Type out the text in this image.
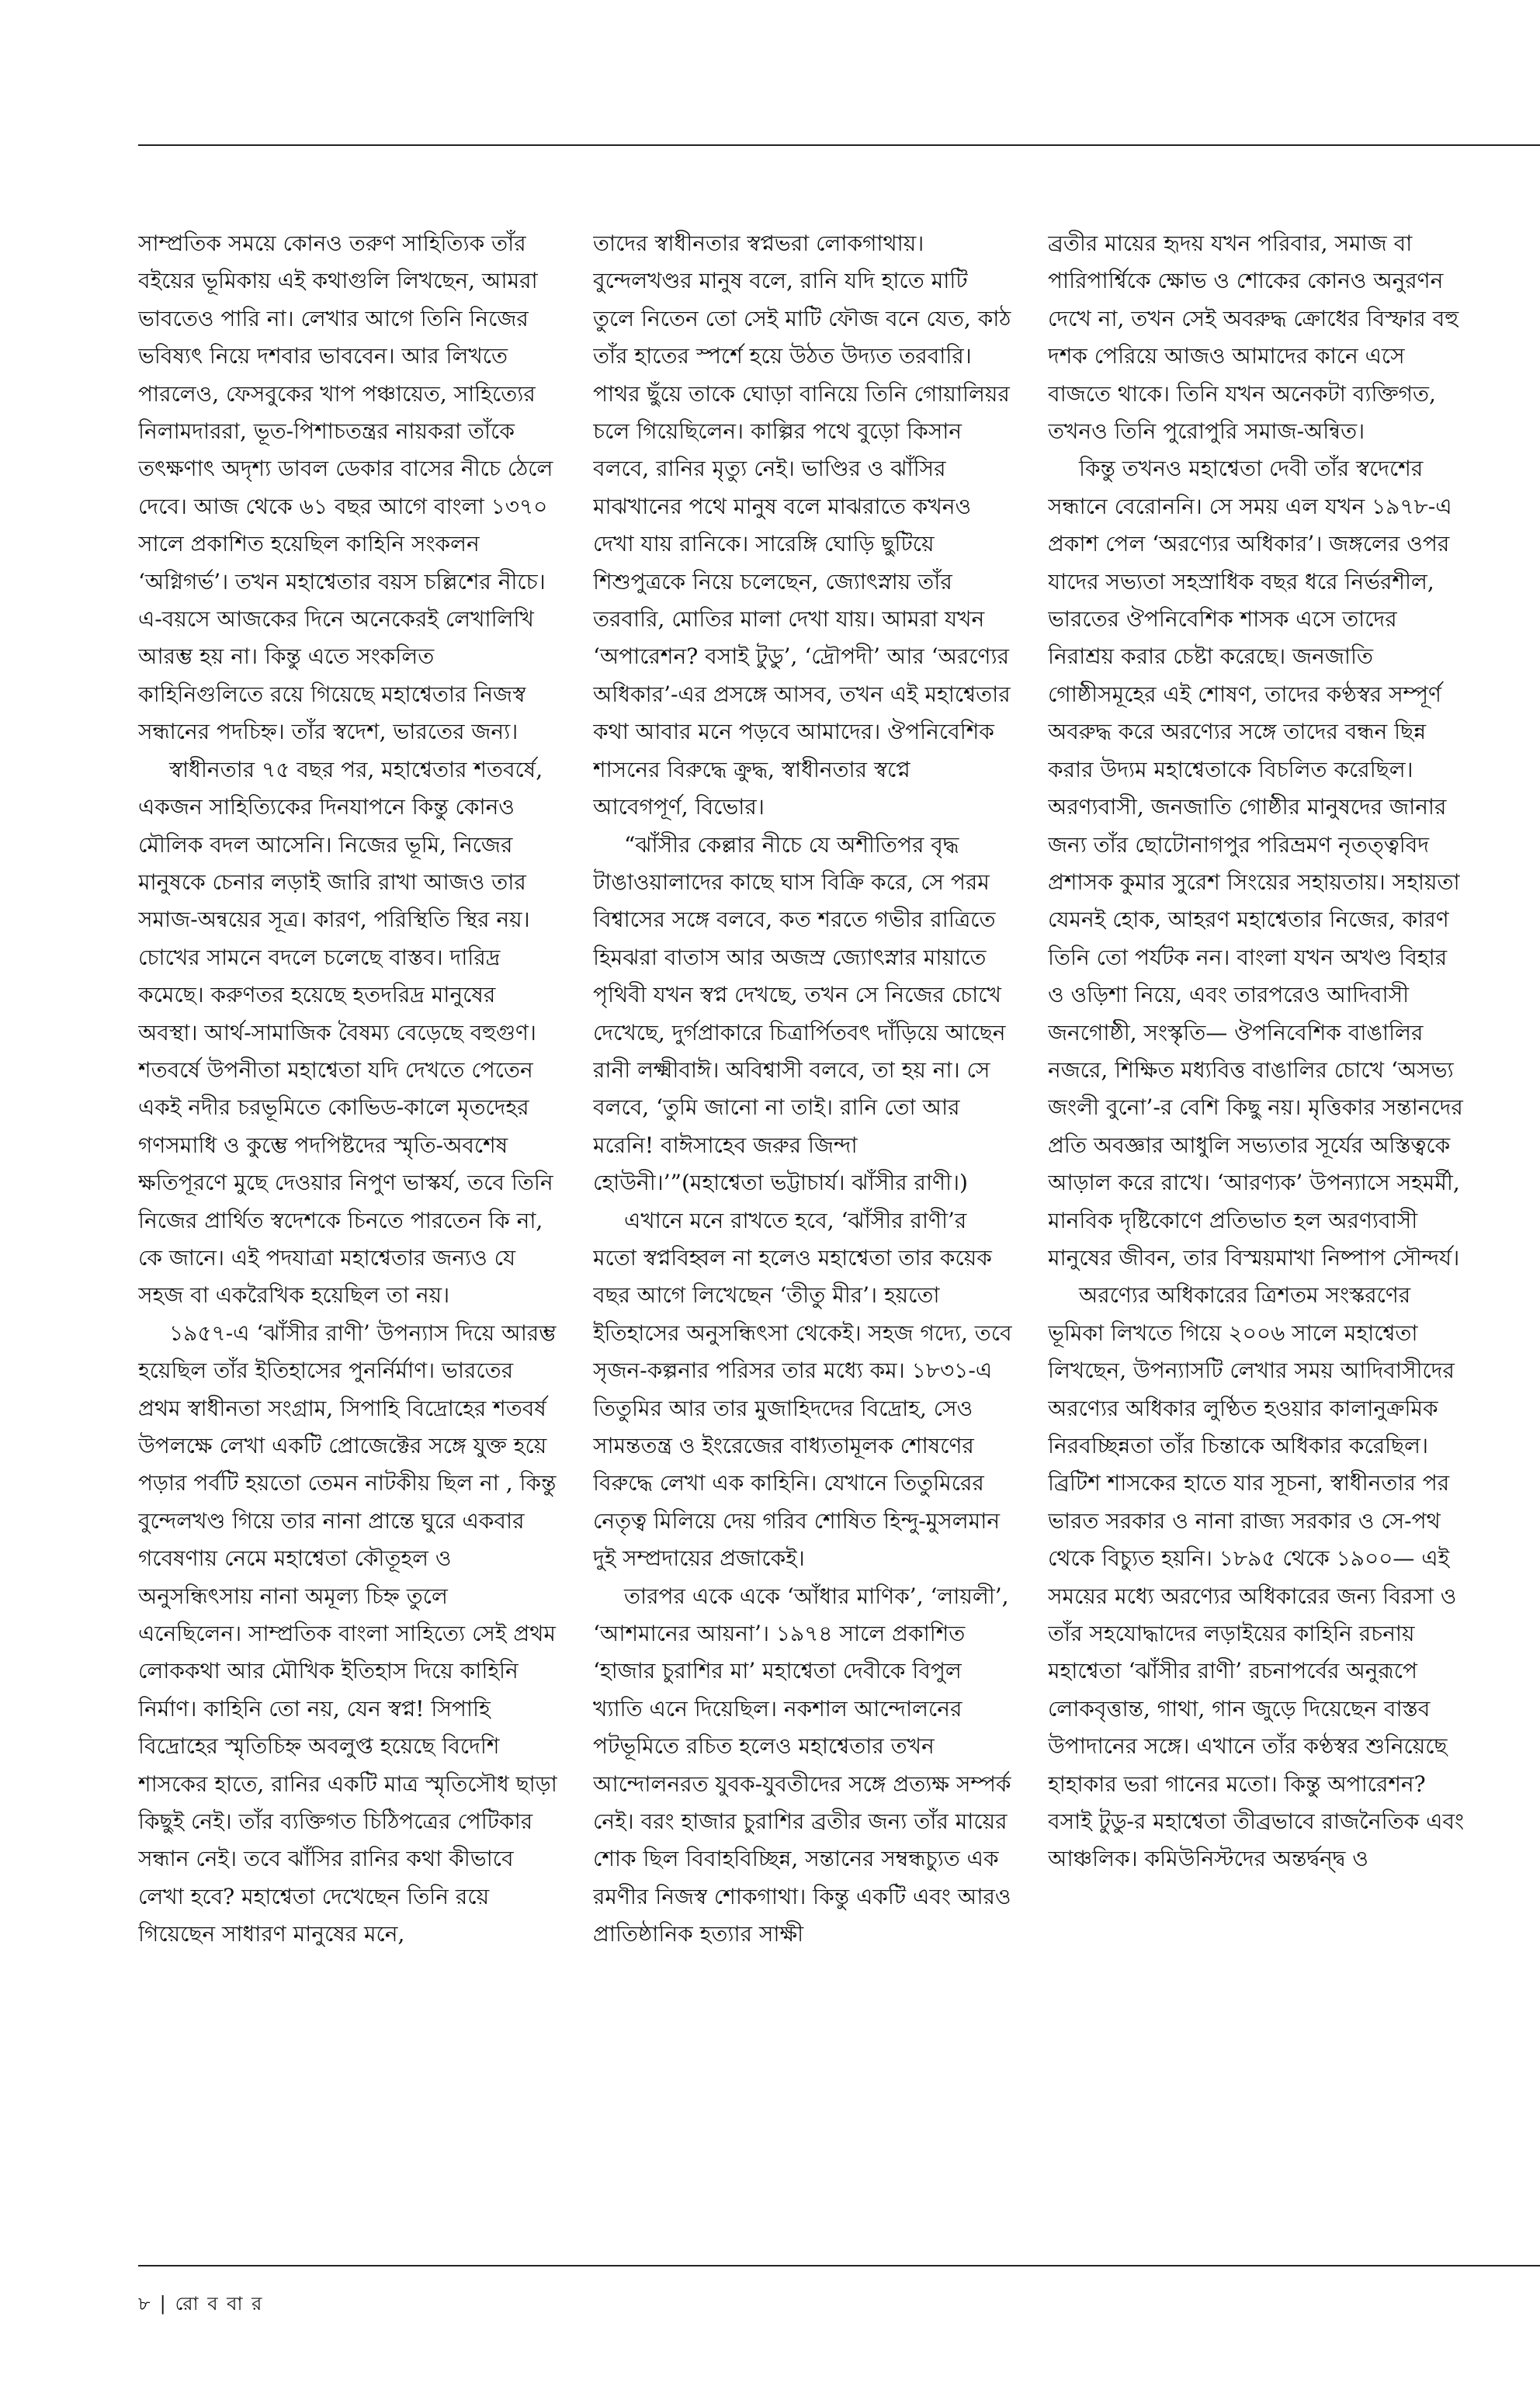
সাম্প্রতিক সময়ে কোনও তরুণ সাহিত্যিক তাঁর বইয়ের ভূমিকায় এই কথাগুলি লিখছেন, আমরা ভাবতেও পারি না। লেখার আগে তিনি নিজের ভবিষ্যৎ নিয়ে দশবার ভাববেন। আর লিখতে পারলেও, ফেসবুকের খাপ পঞ্চায়েত, সাহিত্যের নিলামদাররা, ভূত-পিশাচতন্ত্রর নায়করা তাঁকে তৎক্ষণাৎ অদৃশ্য ডাবল ডেকার বাসের নীচে ঠেলে দেবে। আজ থেকে ৬১ বছর আগে বাংলা ১৩৭০ সালে প্রকাশিত হয়েছিল কাহিনি সংকলন ‘অগ্নিগর্ভ’। তখন মহাশ্বেতার বয়স চল্লিশের নীচে। এ-বয়সে আজকের দিনে অনেকেরই লেখালিখি আরম্ভ হয় না। কিন্তু এতে সংকলিত কাহিনিগুলিতে রয়ে গিয়েছে মহাশ্বেতার নিজস্ব সন্ধানের পদচিহ্ন। তাঁর স্বদেশ, ভারতের জন্য।

স্বাধীনতার ৭৫ বছর পর, মহাশ্বেতার শতবর্ষে, একজন সাহিত্যিকের দিনযাপনে কিন্তু কোনও মৌলিক বদল আসেনি। নিজের ভূমি, নিজের মানুষকে চেনার লড়াই জারি রাখা আজও তার সমাজ-অন্বয়ের সূত্র। কারণ, পরিস্থিতি স্থির নয়। চোখের সামনে বদলে চলেছে বাস্তব। দারিদ্র কমেছে। করুণতর হয়েছে হতদরিদ্র মানুষের অবস্থা। আর্থ-সামাজিক বৈষম্য বেড়েছে বহুগুণ। শতবর্ষে উপনীতা মহাশ্বেতা যদি দেখতে পেতেন একই নদীর চরভূমিতে কোভিড-কালে মৃতদেহর গণসমাধি ও কুম্ভে পদপিষ্টদের স্মৃতি-অবশেষ ক্ষতিপূরণে মুছে দেওয়ার নিপুণ ভাস্কর্য, তবে তিনি নিজের প্রার্থিত স্বদেশকে চিনতে পারতেন কি না, কে জানে। এই পদযাত্রা মহাশ্বেতার জন্যও যে সহজ বা একরৈখিক হয়েছিল তা নয়।

১৯৫৭-এ ‘ঝাঁসীর রাণী’ উপন্যাস দিয়ে আরম্ভ হয়েছিল তাঁর ইতিহাসের পুনর্নির্মাণ। ভারতের প্রথম স্বাধীনতা সংগ্রাম, সিপাহি বিদ্রোহের শতবর্ষ উপলক্ষে লেখা একটি প্রোজেক্টের সঙ্গে যুক্ত হয়ে পড়ার পর্বটি হয়তো তেমন নাটকীয় ছিল না , কিন্তু বুন্দেলখণ্ড গিয়ে তার নানা প্রান্তে ঘুরে একবার গবেষণায় নেমে মহাশ্বেতা কৌতূহল ও অনুসন্ধিৎসায় নানা অমূল্য চিহ্ন তুলে এনেছিলেন। সাম্প্রতিক বাংলা সাহিত্যে সেই প্রথম লোককথা আর মৌখিক ইতিহাস দিয়ে কাহিনি নির্মাণ। কাহিনি তো নয়, যেন স্বপ্ন! সিপাহি বিদ্রোহের স্মৃতিচিহ্ন অবলুপ্ত হয়েছে বিদেশি শাসকের হাতে, রানির একটি মাত্র স্মৃতিসৌধ ছাড়া কিছুই নেই। তাঁর ব্যক্তিগত চিঠিপত্রের পেটিকার সন্ধান নেই। তবে ঝাঁসির রানির কথা কীভাবে লেখা হবে? মহাশ্বেতা দেখেছেন তিনি রয়ে গিয়েছেন সাধারণ মানুষের মনে,

তাদের স্বাধীনতার স্বপ্নভরা লোকগাথায়। বুন্দেলখণ্ডর মানুষ বলে, রানি যদি হাতে মাটি তুলে নিতেন তো সেই মাটি ফৌজ বনে যেত, কাঠ তাঁর হাতের স্পর্শে হয়ে উঠত উদ্যত তরবারি। পাথর ছুঁয়ে তাকে ঘোড়া বানিয়ে তিনি গোয়ালিয়র চলে গিয়েছিলেন। কাল্পির পথে বুড়ো কিসান বলবে, রানির মৃত্যু নেই। ভাণ্ডির ও ঝাঁসির মাঝখানের পথে মানুষ বলে মাঝরাতে কখনও দেখা যায় রানিকে। সারেঙ্গি ঘোড়ি ছুটিয়ে শিশুপুত্রকে নিয়ে চলেছেন, জ্যোৎস্নায় তাঁর তরবারি, মোতির মালা দেখা যায়। আমরা যখন ‘অপারেশন? বসাই টুডু’, ‘দ্রৌপদী’ আর ‘অরণ্যের অধিকার’-এর প্রসঙ্গে আসব, তখন এই মহাশ্বেতার কথা আবার মনে পড়বে আমাদের। ঔপনিবেশিক শাসনের বিরুদ্ধে ক্রুদ্ধ, স্বাধীনতার স্বপ্নে আবেগপূর্ণ, বিভোর।

“ঝাঁসীর কেল্লার নীচে যে অশীতিপর বৃদ্ধ টাঙাওয়ালাদের কাছে ঘাস বিক্রি করে, সে পরম বিশ্বাসের সঙ্গে বলবে, কত শরতে গভীর রাত্রিতে হিমঝরা বাতাস আর অজস্র জ্যোৎস্নার মায়াতে পৃথিবী যখন স্বপ্ন দেখছে, তখন সে নিজের চোখে দেখেছে, দুর্গপ্রাকারে চিত্রার্পিতবৎ দাঁড়িয়ে আছেন রানী লক্ষ্মীবাঈ। অবিশ্বাসী বলবে, তা হয় না। সে বলবে, ‘তুমি জানো না তাই। রানি তো আর মরেনি! বাঈসাহেব জরুর জিন্দা হোউনী।’”(মহাশ্বেতা ভট্টাচার্য। ঝাঁসীর রাণী।)

এখানে মনে রাখতে হবে, ‘ঝাঁসীর রাণী’র মতো স্বপ্নবিহ্বল না হলেও মহাশ্বেতা তার কয়েক বছর আগে লিখেছেন ‘তীতু মীর’। হয়তো ইতিহাসের অনুসন্ধিৎসা থেকেই। সহজ গদ্যে, তবে সৃজন-কল্পনার পরিসর তার মধ্যে কম। ১৮৩১-এ তিতুমির আর তার মুজাহিদদের বিদ্রোহ, সেও সামন্ততন্ত্র ও ইংরেজের বাধ্যতামূলক শোষণের বিরুদ্ধে লেখা এক কাহিনি। যেখানে তিতুমিরের নেতৃত্ব মিলিয়ে দেয় গরিব শোষিত হিন্দু-মুসলমান দুই সম্প্রদায়ের প্রজাকেই।

তারপর একে একে ‘আঁধার মাণিক’, ‘লায়লী’, ‘আশমানের আয়না’। ১৯৭৪ সালে প্রকাশিত ‘হাজার চুরাশির মা’ মহাশ্বেতা দেবীকে বিপুল খ্যাতি এনে দিয়েছিল। নকশাল আন্দোলনের পটভূমিতে রচিত হলেও মহাশ্বেতার তখন আন্দোলনরত যুবক-যুবতীদের সঙ্গে প্রত্যক্ষ সম্পর্ক নেই। বরং হাজার চুরাশির ব্রতীর জন্য তাঁর মায়ের শোক ছিল বিবাহবিচ্ছিন্ন, সন্তানের সম্বন্ধচ্যুত এক রমণীর নিজস্ব শোকগাথা। কিন্তু একটি এবং আরও প্রাতিষ্ঠানিক হত্যার সাক্ষী

ব্রতীর মায়ের হৃদয় যখন পরিবার, সমাজ বা পারিপার্শ্বিকে ক্ষোভ ও শোকের কোনও অনুরণন দেখে না, তখন সেই অবরুদ্ধ ক্রোধের বিস্ফার বহু দশক পেরিয়ে আজও আমাদের কানে এসে বাজতে থাকে। তিনি যখন অনেকটা ব্যক্তিগত, তখনও তিনি পুরোপুরি সমাজ-অন্বিত।

কিন্তু তখনও মহাশ্বেতা দেবী তাঁর স্বদেশের সন্ধানে বেরোননি। সে সময় এল যখন ১৯৭৮-এ প্রকাশ পেল ‘অরণ্যের অধিকার’। জঙ্গলের ওপর যাদের সভ্যতা সহস্রাধিক বছর ধরে নির্ভরশীল, ভারতের ঔপনিবেশিক শাসক এসে তাদের নিরাশ্রয় করার চেষ্টা করেছে। জনজাতি গোষ্ঠীসমূহের এই শোষণ, তাদের কণ্ঠস্বর সম্পূর্ণ অবরুদ্ধ করে অরণ্যের সঙ্গে তাদের বন্ধন ছিন্ন করার উদ্যম মহাশ্বেতাকে বিচলিত করেছিল। অরণ্যবাসী, জনজাতি গোষ্ঠীর মানুষদের জানার জন্য তাঁর ছোটোনাগপুর পরিভ্রমণ নৃতত্ত্ববিদ প্রশাসক কুমার সুরেশ সিংয়ের সহায়তায়। সহায়তা যেমনই হোক, আহরণ মহাশ্বেতার নিজের, কারণ তিনি তো পর্যটক নন। বাংলা যখন অখণ্ড বিহার ও ওড়িশা নিয়ে, এবং তারপরেও আদিবাসী জনগোষ্ঠী, সংস্কৃতি— ঔপনিবেশিক বাঙালির নজরে, শিক্ষিত মধ্যবিত্ত বাঙালির চোখে ‘অসভ্য জংলী বুনো’-র বেশি কিছু নয়। মৃত্তিকার সন্তানদের প্রতি অবজ্ঞার আধুলি সভ্যতার সূর্যের অস্তিত্বকে আড়াল করে রাখে। ‘আরণ্যক’ উপন্যাসে সহমর্মী, মানবিক দৃষ্টিকোণে প্রতিভাত হল অরণ্যবাসী মানুষের জীবন, তার বিস্ময়মাখা নিষ্পাপ সৌন্দর্য।

অরণ্যের অধিকারের ত্রিশতম সংস্করণের ভূমিকা লিখতে গিয়ে ২০০৬ সালে মহাশ্বেতা লিখছেন, উপন্যাসটি লেখার সময় আদিবাসীদের অরণ্যের অধিকার লুণ্ঠিত হওয়ার কালানুক্রমিক নিরবচ্ছিন্নতা তাঁর চিন্তাকে অধিকার করেছিল। ব্রিটিশ শাসকের হাতে যার সূচনা, স্বাধীনতার পর ভারত সরকার ও নানা রাজ্য সরকার ও সে-পথ থেকে বিচ্যুত হয়নি। ১৮৯৫ থেকে ১৯০০— এই সময়ের মধ্যে অরণ্যের অধিকারের জন্য বিরসা ও তাঁর সহযোদ্ধাদের লড়াইয়ের কাহিনি রচনায় মহাশ্বেতা ‘ঝাঁসীর রাণী’ রচনাপর্বের অনুরূপে লোকবৃত্তান্ত, গাথা, গান জুড়ে দিয়েছেন বাস্তব উপাদানের সঙ্গে। এখানে তাঁর কণ্ঠস্বর শুনিয়েছে হাহাকার ভরা গানের মতো। কিন্তু অপারেশন? বসাই টুডু-র মহাশ্বেতা তীব্রভাবে রাজনৈতিক এবং আঞ্চলিক। কমিউনিস্টদের অন্তর্দ্বন্দ্ব ও

৮ | রো ব বা র
